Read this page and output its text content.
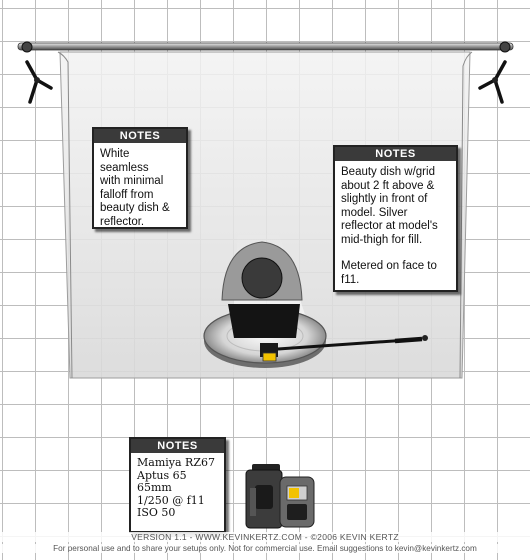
NOTES

White seamless
with minimal
falloff from
beauty dish &
reflector.

NOTES

Beauty dish w/grid
about 2 ft above &
slightly in front of
model. Silver
reflector at model's
mid-thigh for fill.

Metered on face to
f11.

NOTES

Mamiya RZ67
Aptus 65
65mm
1/250 @ f11
ISO 50

VERSION 1.1 - WWW.KEVINKERTZ.COM - ©2006 KEVIN KERTZ
For personal use and to share your setups only. Not for commercial use. Email suggestions to kevin@kevinkertz.com
